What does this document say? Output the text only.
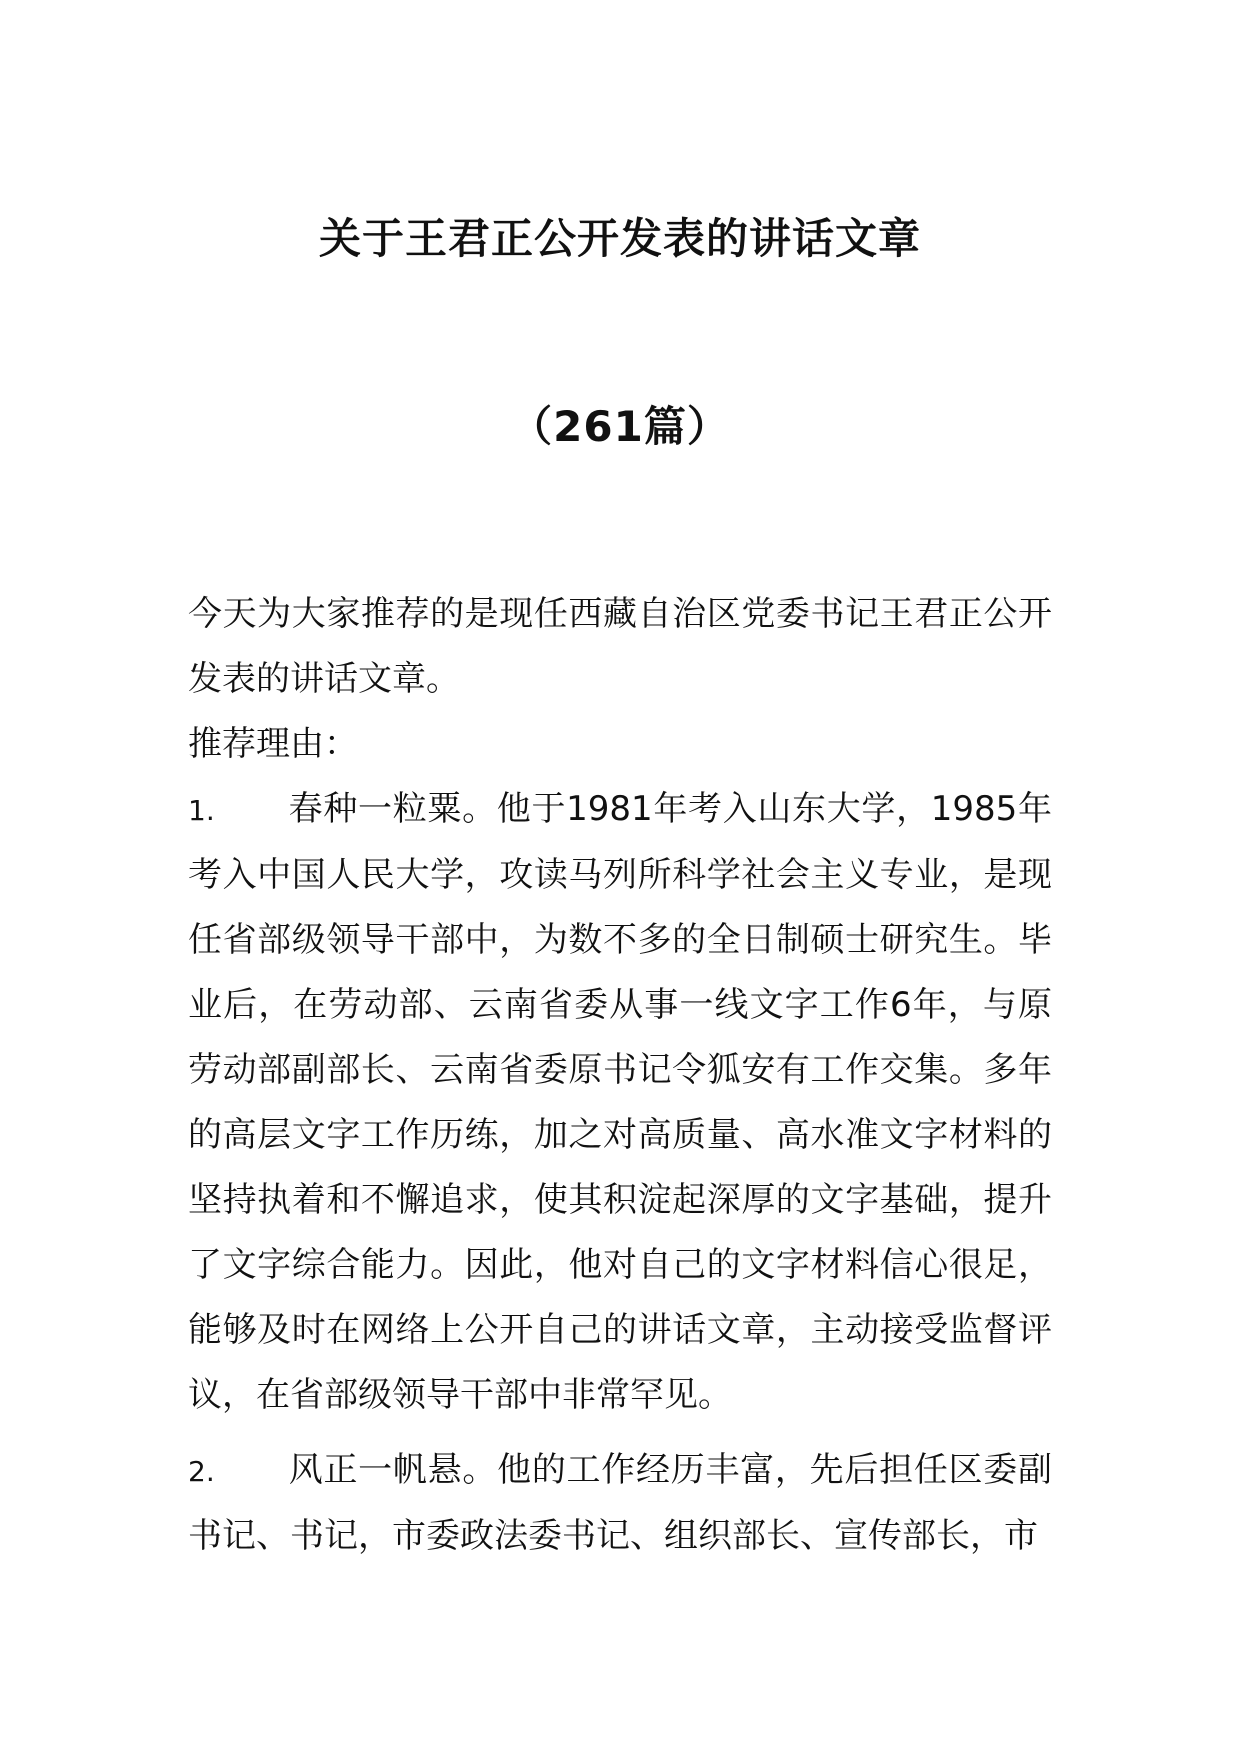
关于王君正公开发表的讲话文章
（261篇）

今天为大家推荐的是现任西藏自治区党委书记王君正公开发表的讲话文章。

推荐理由：

1. 春种一粒粟。他于1981年考入山东大学，1985年考入中国人民大学，攻读马列所科学社会主义专业，是现任省部级领导干部中，为数不多的全日制硕士研究生。毕业后，在劳动部、云南省委从事一线文字工作6年，与原劳动部副部长、云南省委原书记令狐安有工作交集。多年的高层文字工作历练，加之对高质量、高水准文字材料的坚持执着和不懈追求，使其积淀起深厚的文字基础，提升了文字综合能力。因此，他对自己的文字材料信心很足，能够及时在网络上公开自己的讲话文章，主动接受监督评议，在省部级领导干部中非常罕见。

2. 风正一帆悬。他的工作经历丰富，先后担任区委副书记、书记，市委政法委书记、组织部长、宣传部长，市
